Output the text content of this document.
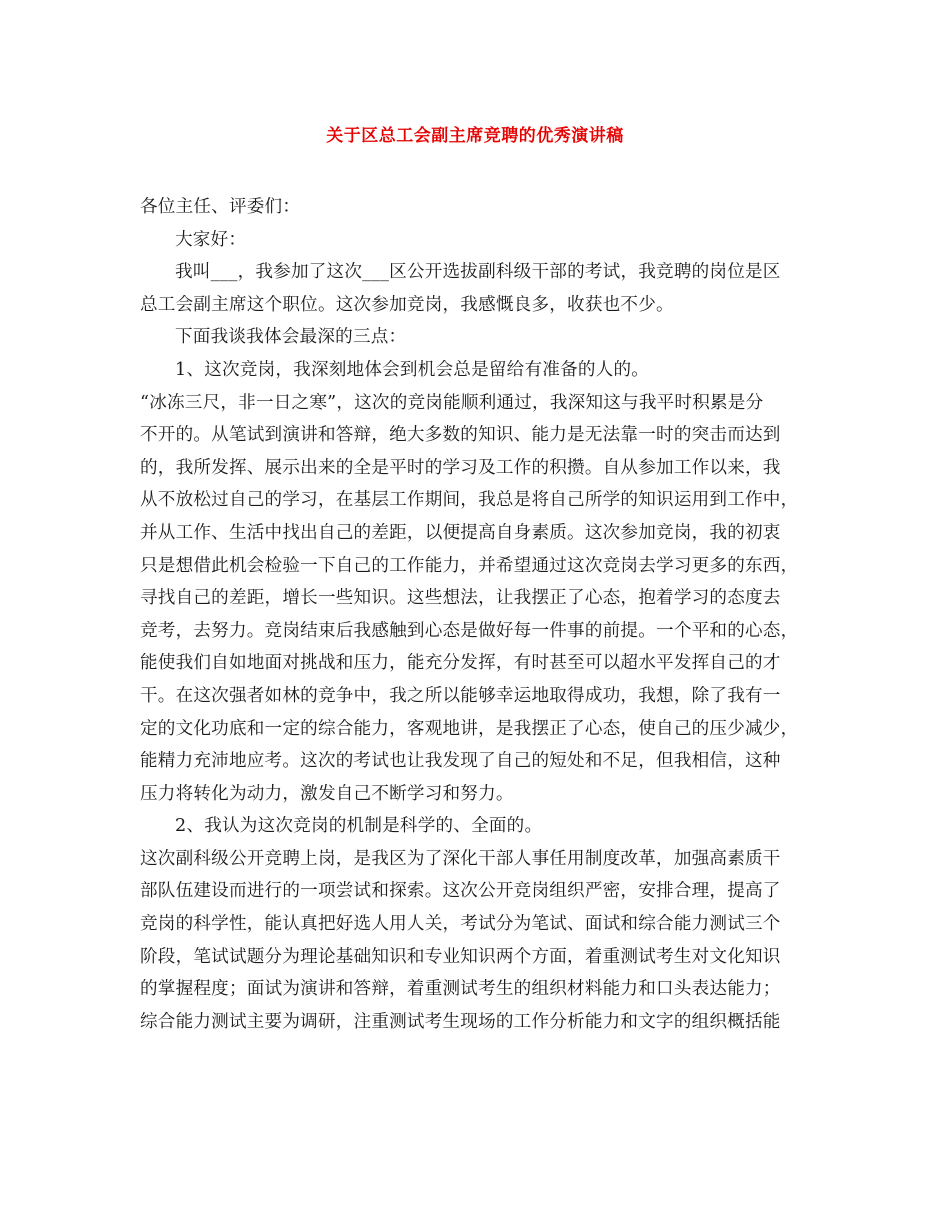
关于区总工会副主席竞聘的优秀演讲稿
各位主任、评委们：
大家好：
我叫___，我参加了这次___区公开选拔副科级干部的考试，我竞聘的岗位是区
总工会副主席这个职位。这次参加竞岗，我感慨良多，收获也不少。
下面我谈我体会最深的三点：
1、这次竞岗，我深刻地体会到机会总是留给有准备的人的。
“冰冻三尺，非一日之寒”，这次的竞岗能顺利通过，我深知这与我平时积累是分
不开的。从笔试到演讲和答辩，绝大多数的知识、能力是无法靠一时的突击而达到
的，我所发挥、展示出来的全是平时的学习及工作的积攒。自从参加工作以来，我
从不放松过自己的学习，在基层工作期间，我总是将自己所学的知识运用到工作中，
并从工作、生活中找出自己的差距，以便提高自身素质。这次参加竞岗，我的初衷
只是想借此机会检验一下自己的工作能力，并希望通过这次竞岗去学习更多的东西，
寻找自己的差距，增长一些知识。这些想法，让我摆正了心态，抱着学习的态度去
竞考，去努力。竞岗结束后我感触到心态是做好每一件事的前提。一个平和的心态，
能使我们自如地面对挑战和压力，能充分发挥，有时甚至可以超水平发挥自己的才
干。在这次强者如林的竞争中，我之所以能够幸运地取得成功，我想，除了我有一
定的文化功底和一定的综合能力，客观地讲，是我摆正了心态，使自己的压少减少，
能精力充沛地应考。这次的考试也让我发现了自己的短处和不足，但我相信，这种
压力将转化为动力，激发自己不断学习和努力。
2、我认为这次竞岗的机制是科学的、全面的。
这次副科级公开竞聘上岗，是我区为了深化干部人事任用制度改革，加强高素质干
部队伍建设而进行的一项尝试和探索。这次公开竞岗组织严密，安排合理，提高了
竞岗的科学性，能认真把好选人用人关，考试分为笔试、面试和综合能力测试三个
阶段，笔试试题分为理论基础知识和专业知识两个方面，着重测试考生对文化知识
的掌握程度；面试为演讲和答辩，着重测试考生的组织材料能力和口头表达能力；
综合能力测试主要为调研，注重测试考生现场的工作分析能力和文字的组织概括能
